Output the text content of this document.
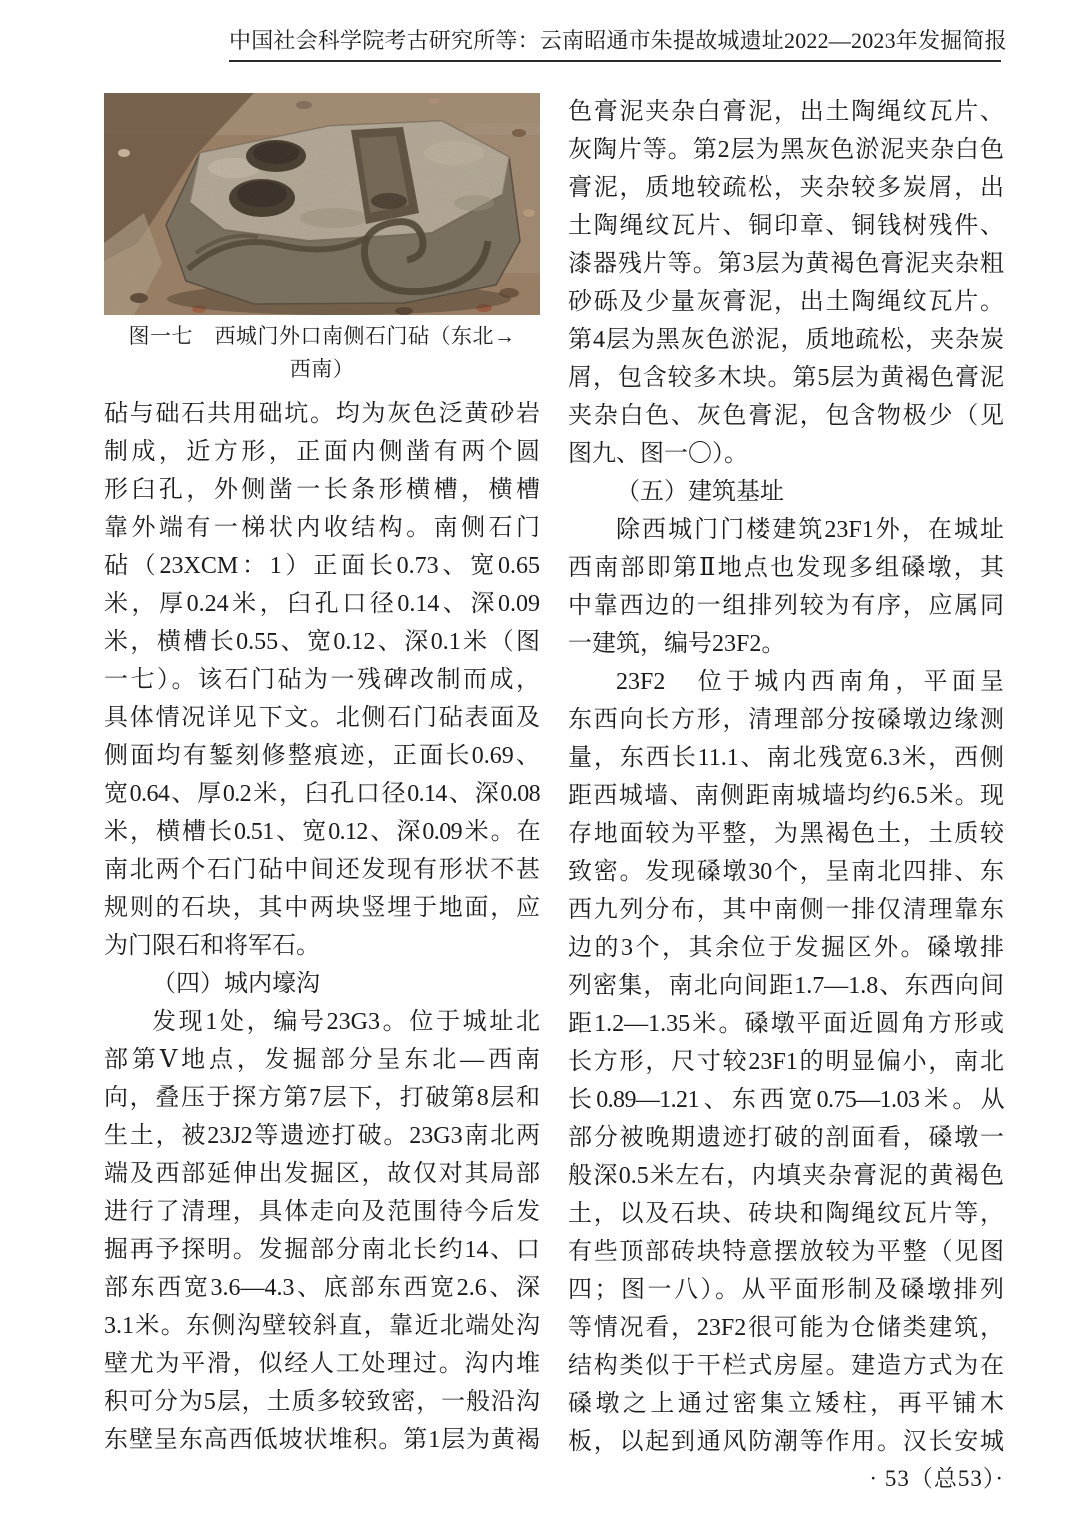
中国社会科学院考古研究所等：云南昭通市朱提故城遗址2022—2023年发掘简报
图一七　西城门外口南侧石门砧（东北→
西南）
砧与础石共用础坑。均为灰色泛黄砂岩
制成，近方形，正面内侧凿有两个圆
形臼孔，外侧凿一长条形横槽，横槽
靠外端有一梯状内收结构。南侧石门
砧（23XCM：1）正面长0.73、宽0.65
米，厚0.24米，臼孔口径0.14、深0.09
米，横槽长0.55、宽0.12、深0.1米（图
一七）。该石门砧为一残碑改制而成，
具体情况详见下文。北侧石门砧表面及
侧面均有錾刻修整痕迹，正面长0.69、
宽0.64、厚0.2米，臼孔口径0.14、深0.08
米，横槽长0.51、宽0.12、深0.09米。在
南北两个石门砧中间还发现有形状不甚
规则的石块，其中两块竖埋于地面，应
为门限石和将军石。
（四）城内壕沟
发现1处，编号23G3。位于城址北
部第Ⅴ地点，发掘部分呈东北—西南
向，叠压于探方第7层下，打破第8层和
生土，被23J2等遗迹打破。23G3南北两
端及西部延伸出发掘区，故仅对其局部
进行了清理，具体走向及范围待今后发
掘再予探明。发掘部分南北长约14、口
部东西宽3.6—4.3、底部东西宽2.6、深
3.1米。东侧沟壁较斜直，靠近北端处沟
壁尤为平滑，似经人工处理过。沟内堆
积可分为5层，土质多较致密，一般沿沟
东壁呈东高西低坡状堆积。第1层为黄褐
色膏泥夹杂白膏泥，出土陶绳纹瓦片、
灰陶片等。第2层为黑灰色淤泥夹杂白色
膏泥，质地较疏松，夹杂较多炭屑，出
土陶绳纹瓦片、铜印章、铜钱树残件、
漆器残片等。第3层为黄褐色膏泥夹杂粗
砂砾及少量灰膏泥，出土陶绳纹瓦片。
第4层为黑灰色淤泥，质地疏松，夹杂炭
屑，包含较多木块。第5层为黄褐色膏泥
夹杂白色、灰色膏泥，包含物极少（见
图九、图一〇）。
（五）建筑基址
除西城门门楼建筑23F1外，在城址
西南部即第Ⅱ地点也发现多组磉墩，其
中靠西边的一组排列较为有序，应属同
一建筑，编号23F2。
23F2　位于城内西南角，平面呈
东西向长方形，清理部分按磉墩边缘测
量，东西长11.1、南北残宽6.3米，西侧
距西城墙、南侧距南城墙均约6.5米。现
存地面较为平整，为黑褐色土，土质较
致密。发现磉墩30个，呈南北四排、东
西九列分布，其中南侧一排仅清理靠东
边的3个，其余位于发掘区外。磉墩排
列密集，南北向间距1.7—1.8、东西向间
距1.2—1.35米。磉墩平面近圆角方形或
长方形，尺寸较23F1的明显偏小，南北
长0.89—1.21、东西宽0.75—1.03米。从
部分被晚期遗迹打破的剖面看，磉墩一
般深0.5米左右，内填夹杂膏泥的黄褐色
土，以及石块、砖块和陶绳纹瓦片等，
有些顶部砖块特意摆放较为平整（见图
四；图一八）。从平面形制及磉墩排列
等情况看，23F2很可能为仓储类建筑，
结构类似于干栏式房屋。建造方式为在
磉墩之上通过密集立矮柱，再平铺木
板，以起到通风防潮等作用。汉长安城
· 53（总53）·
